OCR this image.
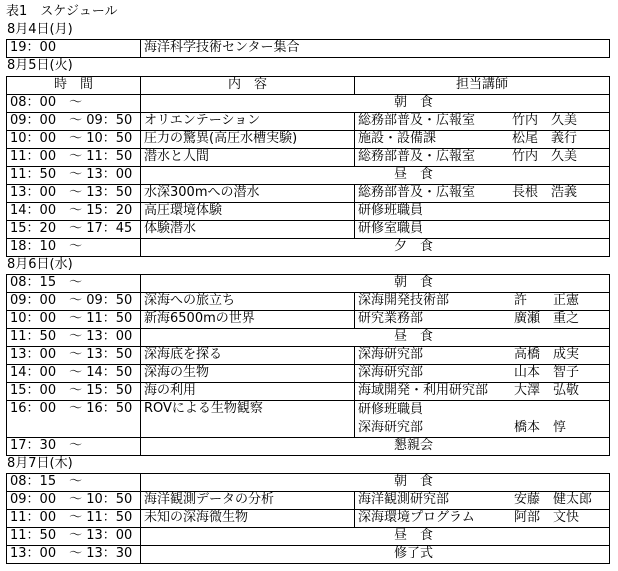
表1　スケジュール
8月4日(月)
19：00	海洋科学技術センター集合
8月5日(火)
時　間	内　容	担当講師
08：00　～	朝　食	
09：00　～ 09：50	オリエンテーション	総務部普及・広報室 竹内　久美
10：00　～ 10：50	圧力の驚異(高圧水槽実験)	施設・設備課 松尾　義行
11：00　～ 11：50	潜水と人間	総務部普及・広報室 竹内　久美
11：50　～ 13：00	昼　食	
13：00　～ 13：50	水深300mへの潜水	総務部普及・広報室 長根　浩義
14：00　～ 15：20	高圧環境体験	研修班職員
15：20　～ 17：45	体験潜水	研修室職員
18：10　～	夕　食	
8月6日(水)
08：15　～	朝　食	
09：00　～ 09：50	深海への旅立ち	深海開発技術部 許　　正憲
10：00　～ 11：50	新海6500mの世界	研究業務部 廣瀬　重之
11：50　～ 13：00	昼　食	
13：00　～ 13：50	深海底を探る	深海研究部 高橋　成実
14：00　～ 14：50	深海の生物	深海研究部 山本　智子
15：00　～ 15：50	海の利用	海域開発・利用研究部 大澤　弘敬
16：00　～ 16：50	ROVによる生物観察	研修班職員
深海研究部 橋本　惇
17：30　～	懇親会	
8月7日(木)
08：15　～	朝　食	
09：00　～ 10：50	海洋観測データの分析	海洋観測研究部 安藤　健太郎
11：00　～ 11：50	未知の深海微生物	深海環境プログラム 阿部　文快
11：50　～ 13：00	昼　食	
13：00　～ 13：30	修了式	
